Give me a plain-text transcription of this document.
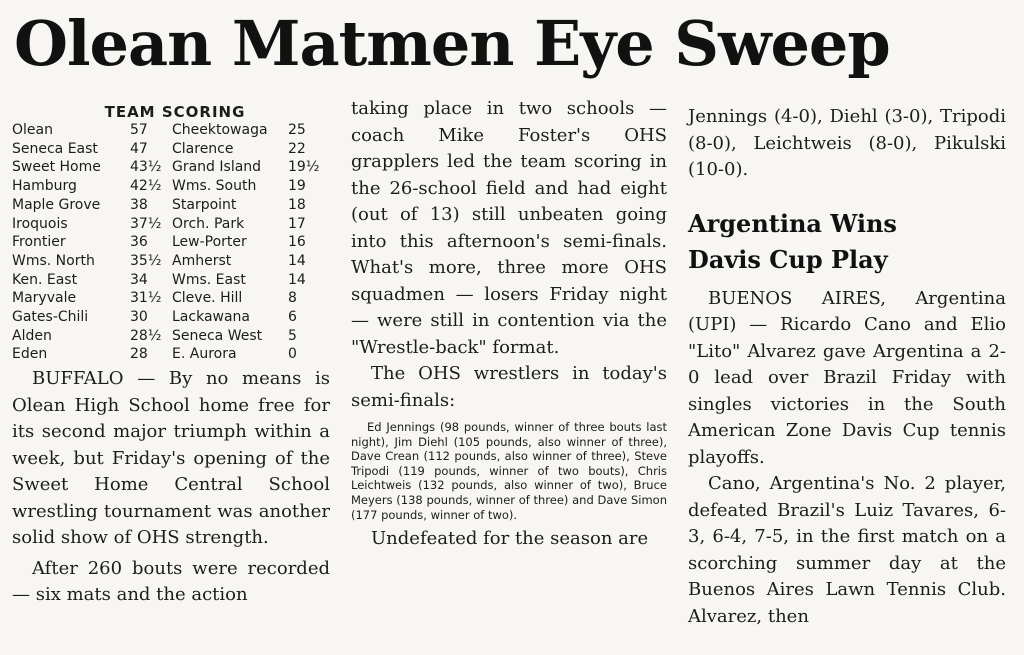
Olean Matmen Eye Sweep
TEAM SCORING
Olean 57	Cheektowaga 25
Seneca East 47	Clarence 22
Sweet Home 43½	Grand Island 19½
Hamburg 42½	Wms. South 19
Maple Grove 38	Starpoint 18
Iroquois 37½	Orch. Park 17
Frontier 36	Lew-Porter 16
Wms. North 35½	Amherst 14
Ken. East 34	Wms. East 14
Maryvale 31½	Cleve. Hill 8
Gates-Chili 30	Lackawana 6
Alden 28½	Seneca West 5
Eden 28	E. Aurora 0

BUFFALO — By no means is Olean High School home free for its second major triumph within a week, but Friday's opening of the Sweet Home Central School wrestling tournament was another solid show of OHS strength.

After 260 bouts were recorded — six mats and the action

taking place in two schools — coach Mike Foster's OHS grapplers led the team scoring in the 26-school field and had eight (out of 13) still unbeaten going into this afternoon's semi-finals. What's more, three more OHS squadmen — losers Friday night — were still in contention via the "Wrestle-back" format.

The OHS wrestlers in today's semi-finals:

Ed Jennings (98 pounds, winner of three bouts last night), Jim Diehl (105 pounds, also winner of three), Dave Crean (112 pounds, also winner of three), Steve Tripodi (119 pounds, winner of two bouts), Chris Leichtweis (132 pounds, also winner of two), Bruce Meyers (138 pounds, winner of three) and Dave Simon (177 pounds, winner of two).

Undefeated for the season are

Jennings (4-0), Diehl (3-0), Tripodi (8-0), Leichtweis (8-0), Pikulski (10-0).

Argentina Wins
Davis Cup Play

BUENOS AIRES, Argentina (UPI) — Ricardo Cano and Elio "Lito" Alvarez gave Argentina a 2-0 lead over Brazil Friday with singles victories in the South American Zone Davis Cup tennis playoffs.

Cano, Argentina's No. 2 player, defeated Brazil's Luiz Tavares, 6-3, 6-4, 7-5, in the first match on a scorching summer day at the Buenos Aires Lawn Tennis Club. Alvarez, then
